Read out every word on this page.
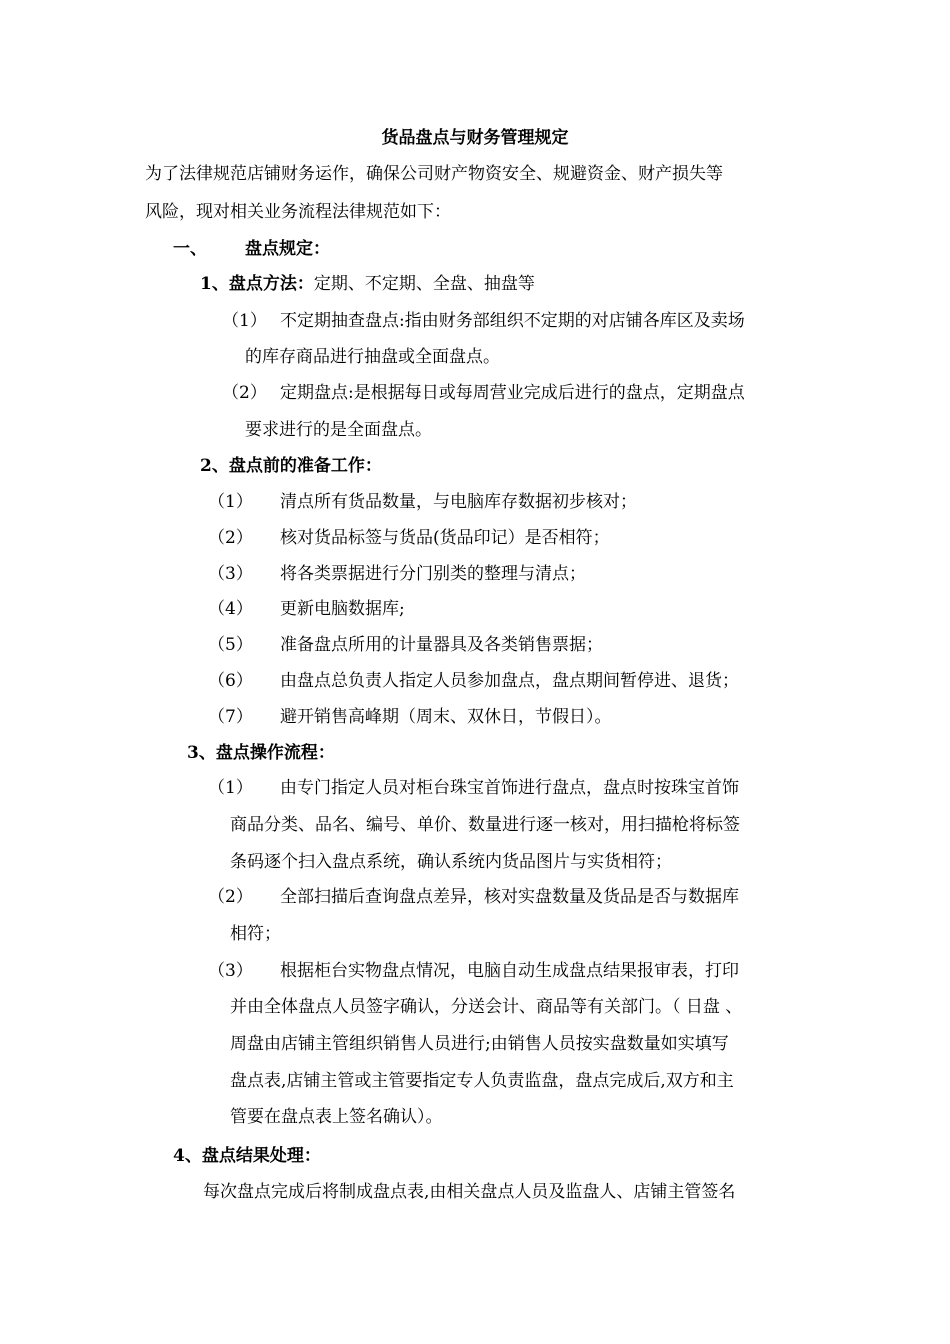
货品盘点与财务管理规定
为了法律规范店铺财务运作，确保公司财产物资安全、规避资金、财产损失等
风险，现对相关业务流程法律规范如下：
一、 盘点规定：
1、盘点方法：定期、不定期、全盘、抽盘等
（1） 不定期抽查盘点:指由财务部组织不定期的对店铺各库区及卖场
的库存商品进行抽盘或全面盘点。
（2） 定期盘点:是根据每日或每周营业完成后进行的盘点，定期盘点
要求进行的是全面盘点。
2、盘点前的准备工作：
（1） 清点所有货品数量，与电脑库存数据初步核对；
（2） 核对货品标签与货品(货品印记）是否相符；
（3） 将各类票据进行分门别类的整理与清点；
（4） 更新电脑数据库;
（5） 准备盘点所用的计量器具及各类销售票据；
（6） 由盘点总负责人指定人员参加盘点，盘点期间暂停进、退货；
（7） 避开销售高峰期（周末、双休日，节假日）。
3、盘点操作流程：
（1） 由专门指定人员对柜台珠宝首饰进行盘点，盘点时按珠宝首饰
商品分类、品名、编号、单价、数量进行逐一核对，用扫描枪将标签
条码逐个扫入盘点系统，确认系统内货品图片与实货相符；
（2） 全部扫描后查询盘点差异，核对实盘数量及货品是否与数据库
相符；
（3） 根据柜台实物盘点情况，电脑自动生成盘点结果报审表，打印
并由全体盘点人员签字确认，分送会计、商品等有关部门。（ 日盘 、
周盘由店铺主管组织销售人员进行;由销售人员按实盘数量如实填写
盘点表,店铺主管或主管要指定专人负责监盘，盘点完成后,双方和主
管要在盘点表上签名确认）。
4、盘点结果处理：
每次盘点完成后将制成盘点表,由相关盘点人员及监盘人、店铺主管签名
